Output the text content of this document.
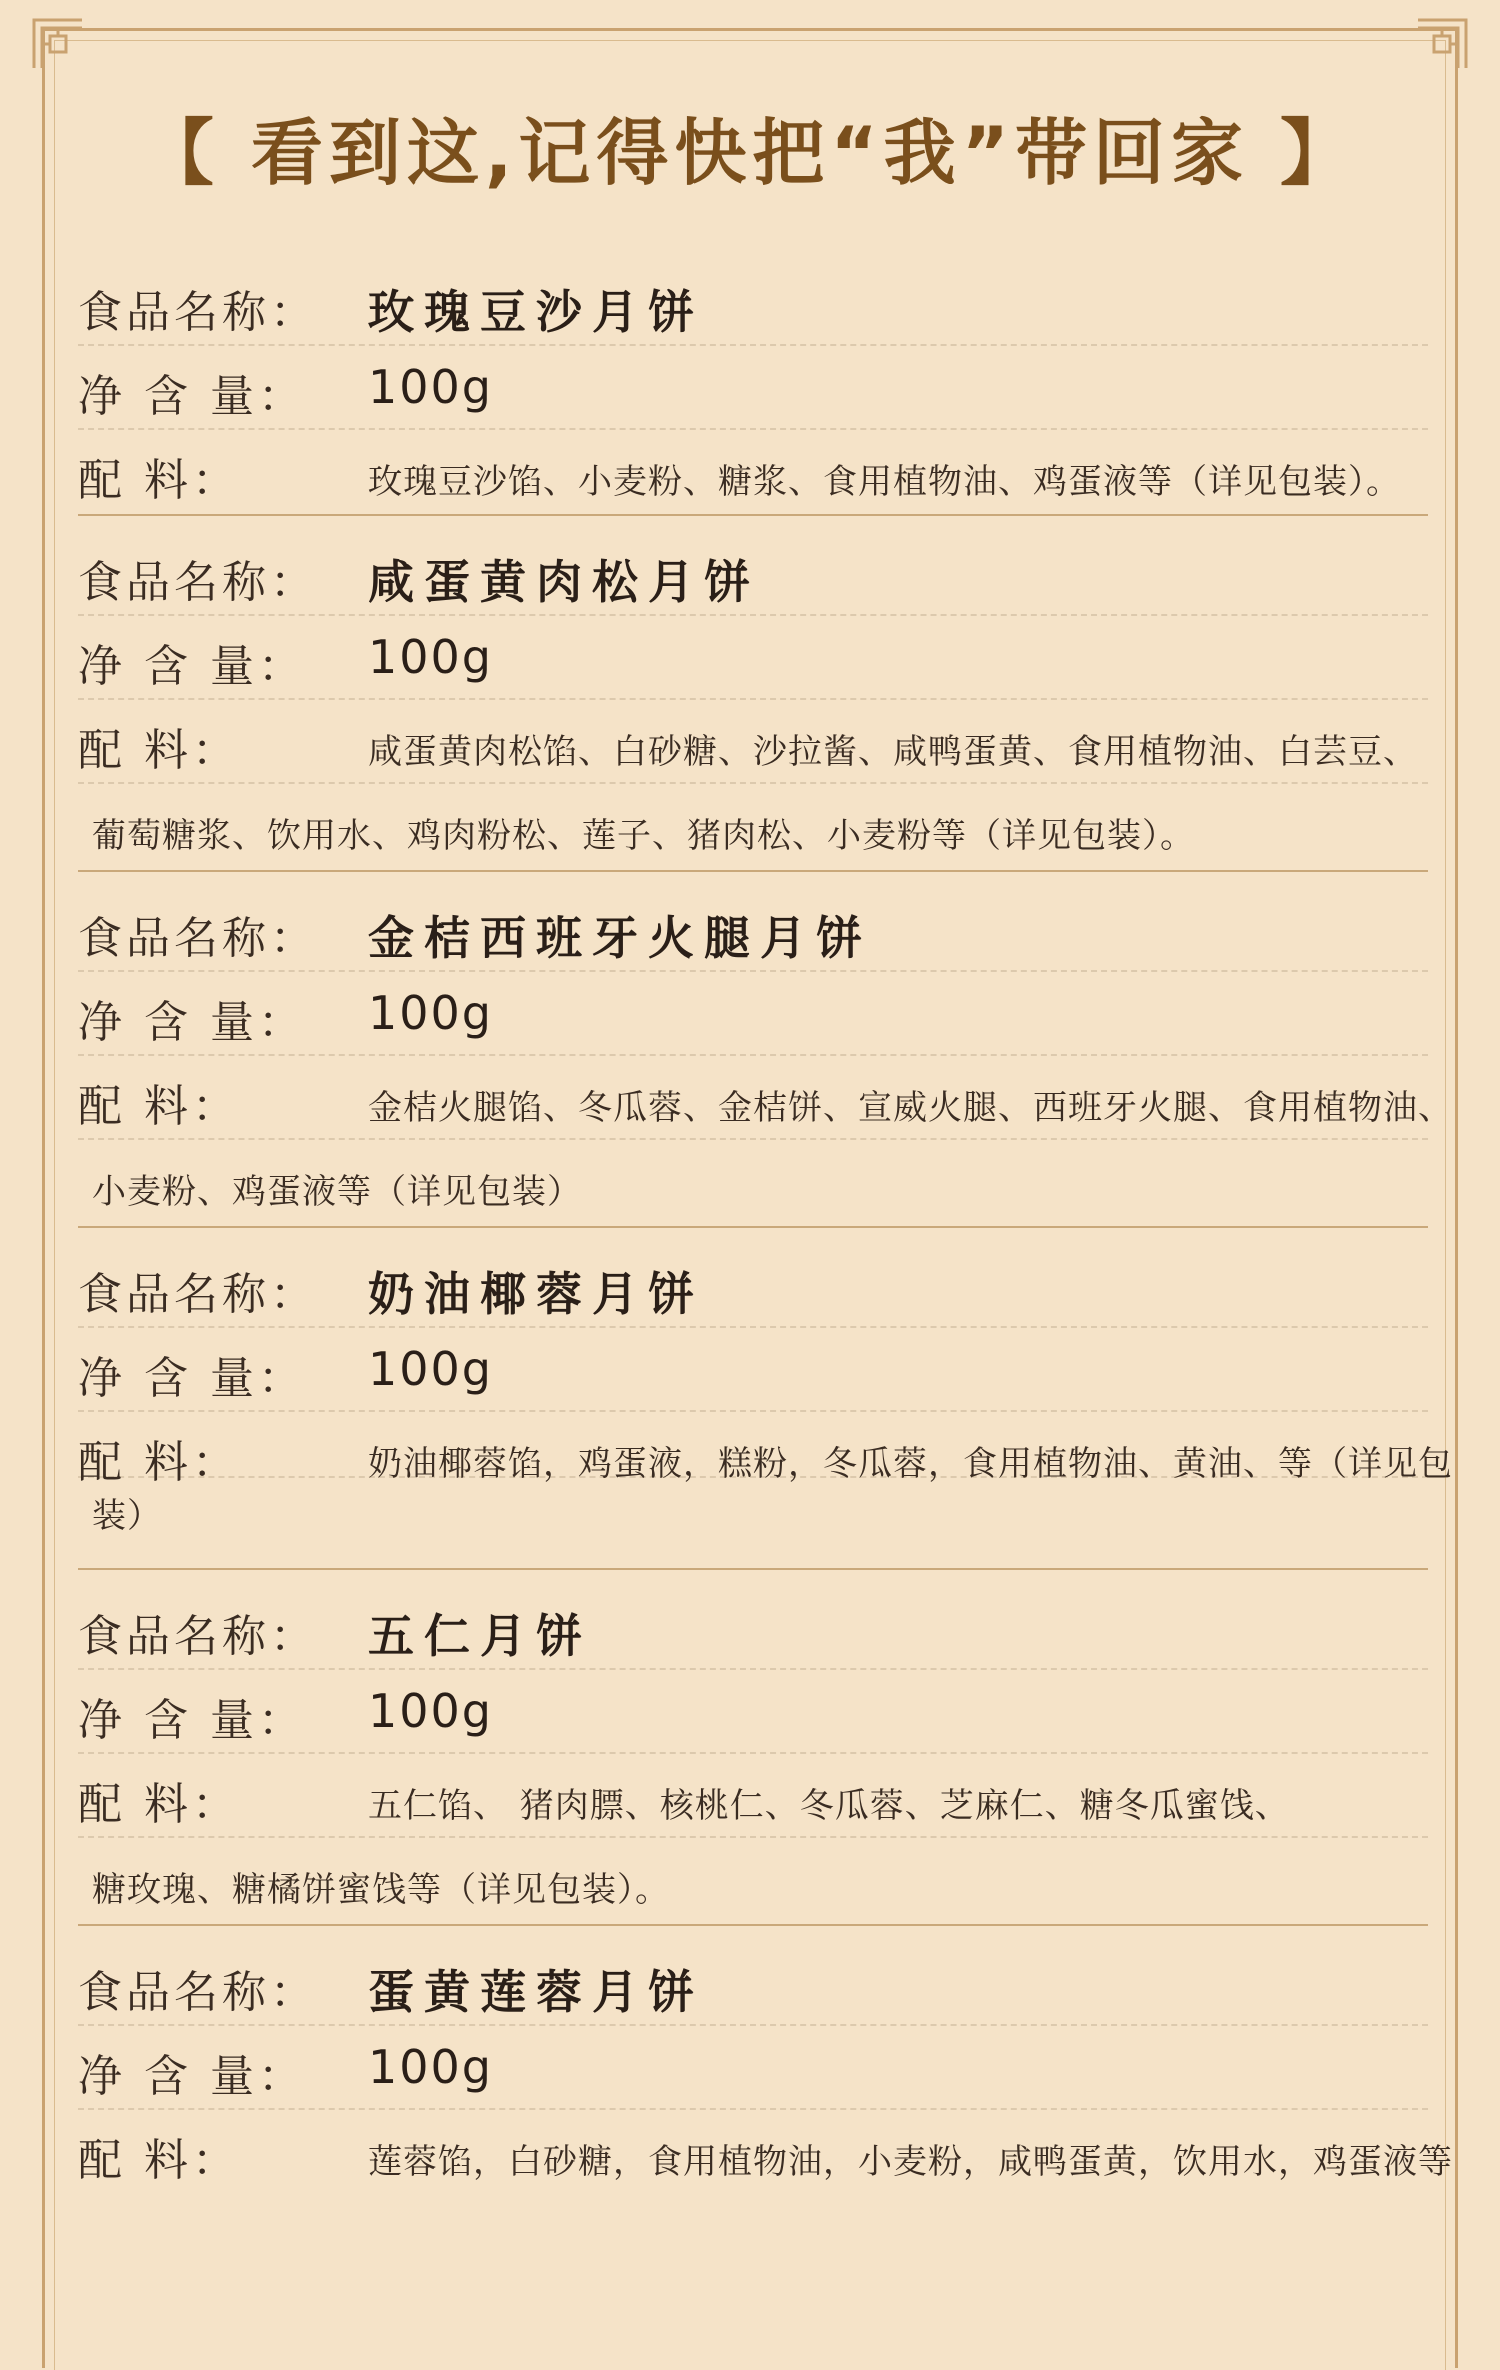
【 看到这,记得快把“我”带回家 】
食品名称：	玫瑰豆沙月饼
净 含 量：	100g
配 料：	玫瑰豆沙馅、小麦粉、糖浆、食用植物油、鸡蛋液等（详见包装）。
食品名称：	咸蛋黄肉松月饼
净 含 量：	100g
配 料：	咸蛋黄肉松馅、白砂糖、沙拉酱、咸鸭蛋黄、食用植物油、白芸豆、
葡萄糖浆、饮用水、鸡肉粉松、莲子、猪肉松、小麦粉等（详见包装）。
食品名称：	金桔西班牙火腿月饼
净 含 量：	100g
配 料：	金桔火腿馅、冬瓜蓉、金桔饼、宣威火腿、西班牙火腿、食用植物油、
小麦粉、鸡蛋液等（详见包装）
食品名称：	奶油椰蓉月饼
净 含 量：	100g
配 料：	奶油椰蓉馅，鸡蛋液，糕粉，冬瓜蓉，食用植物油、黄油、等（详见包
装）
食品名称：	五仁月饼
净 含 量：	100g
配 料：	五仁馅、 猪肉膘、核桃仁、冬瓜蓉、芝麻仁、糖冬瓜蜜饯、
糖玫瑰、糖橘饼蜜饯等（详见包装）。
食品名称：	蛋黄莲蓉月饼
净 含 量：	100g
配 料：	莲蓉馅，白砂糖，食用植物油，小麦粉，咸鸭蛋黄，饮用水，鸡蛋液等
